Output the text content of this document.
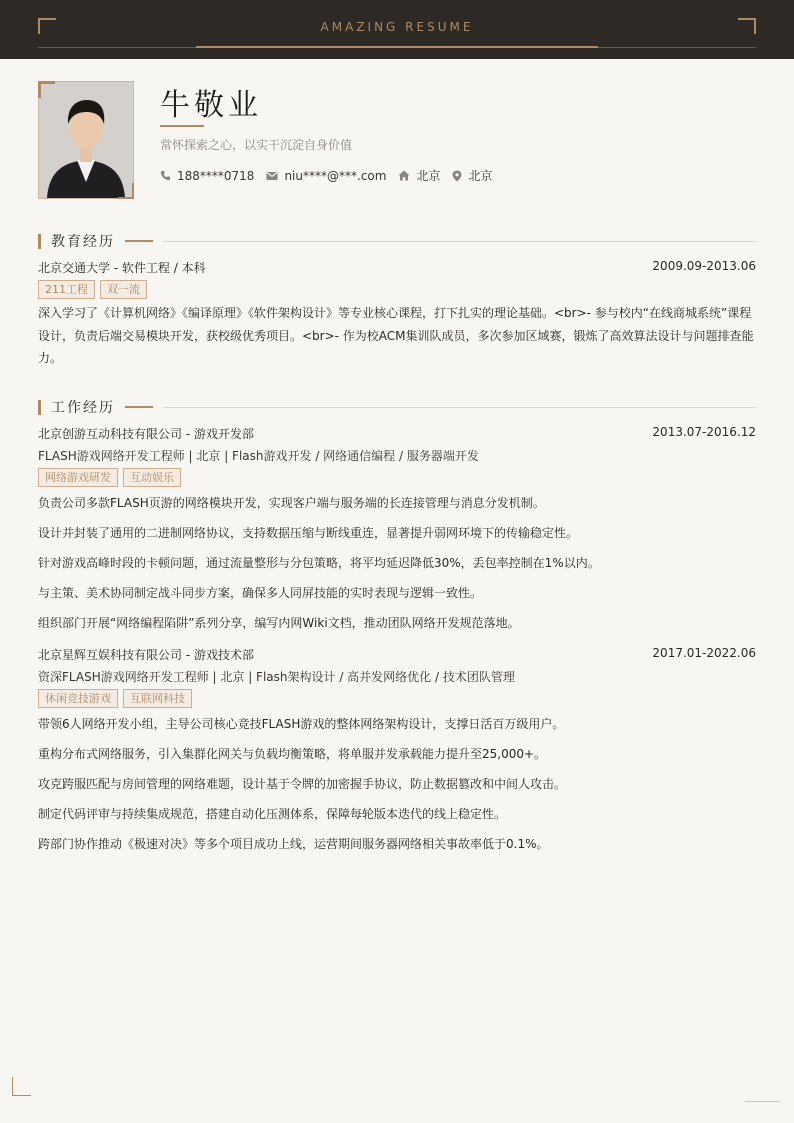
AMAZING RESUME
牛敬业
常怀探索之心，以实干沉淀自身价值
188****0718	niu****@***.com	北京 北京
教育经历
北京交通大学 - 软件工程 / 本科	2009.09-2013.06
211工程	双一流

深入学习了《计算机网络》《编译原理》《软件架构设计》等专业核心课程，打下扎实的理论基础。<br>- 参与校内“在线商城系统”课程设计，负责后端交易模块开发，获校级优秀项目。<br>- 作为校ACM集训队成员，多次参加区域赛，锻炼了高效算法设计与问题排查能力。

工作经历
北京创游互动科技有限公司 - 游戏开发部	2013.07-2016.12
FLASH游戏网络开发工程师 | 北京 | Flash游戏开发 / 网络通信编程 / 服务器端开发
网络游戏研发	互动娱乐
负责公司多款FLASH页游的网络模块开发，实现客户端与服务端的长连接管理与消息分发机制。
设计并封装了通用的二进制网络协议，支持数据压缩与断线重连，显著提升弱网环境下的传输稳定性。
针对游戏高峰时段的卡顿问题，通过流量整形与分包策略，将平均延迟降低30%，丢包率控制在1%以内。
与主策、美术协同制定战斗同步方案，确保多人同屏技能的实时表现与逻辑一致性。
组织部门开展“网络编程陷阱”系列分享，编写内网Wiki文档，推动团队网络开发规范落地。
北京星辉互娱科技有限公司 - 游戏技术部	2017.01-2022.06
资深FLASH游戏网络开发工程师 | 北京 | Flash架构设计 / 高并发网络优化 / 技术团队管理
休闲竞技游戏	互联网科技
带领6人网络开发小组，主导公司核心竞技FLASH游戏的整体网络架构设计，支撑日活百万级用户。
重构分布式网络服务，引入集群化网关与负载均衡策略，将单服并发承载能力提升至25,000+。
攻克跨服匹配与房间管理的网络难题，设计基于令牌的加密握手协议，防止数据篡改和中间人攻击。
制定代码评审与持续集成规范，搭建自动化压测体系，保障每轮版本迭代的线上稳定性。
跨部门协作推动《极速对决》等多个项目成功上线，运营期间服务器网络相关事故率低于0.1%。
